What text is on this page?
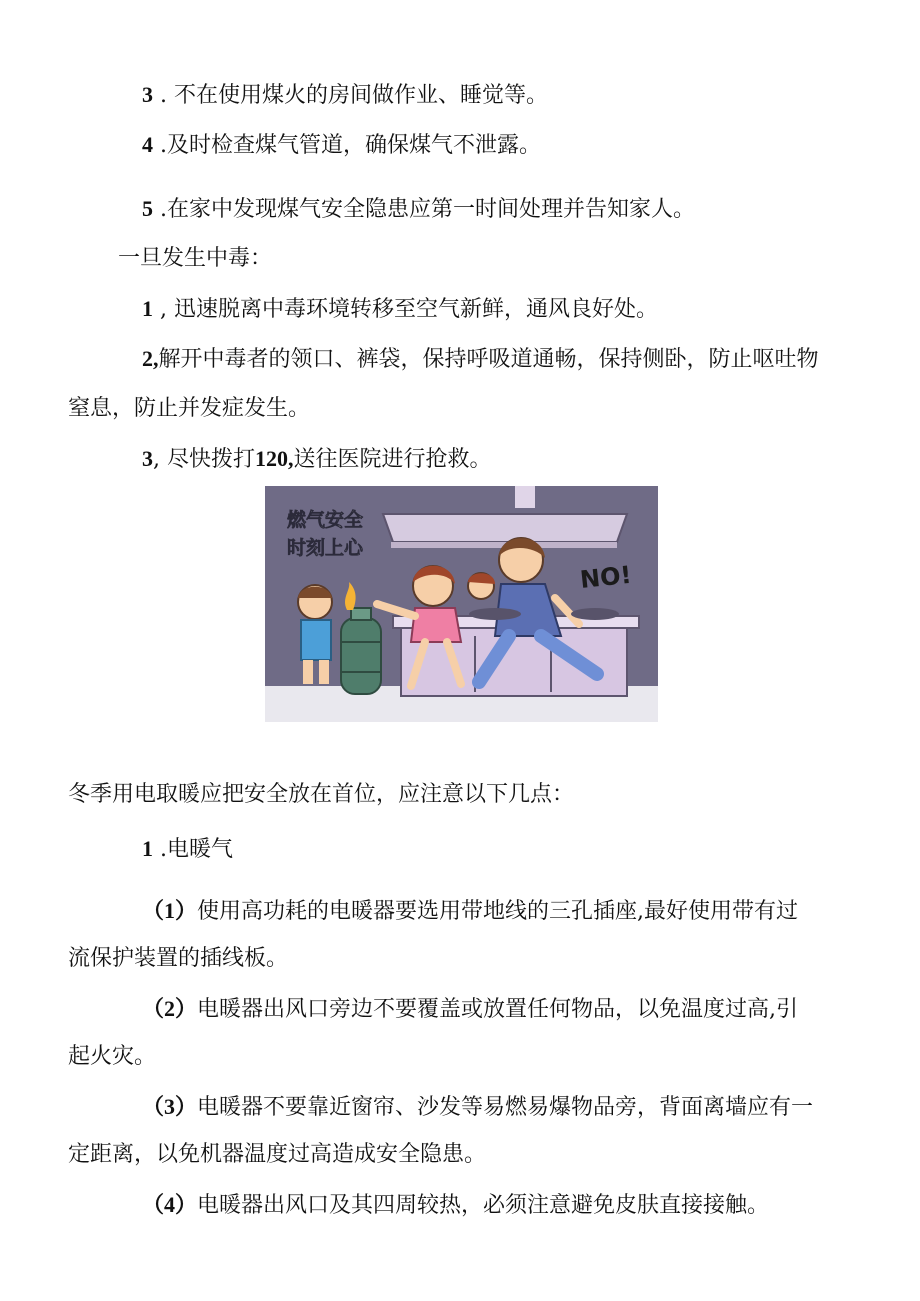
3 . 不在使用煤火的房间做作业、睡觉等。
4 .及时检查煤气管道，确保煤气不泄露。
5 .在家中发现煤气安全隐患应第一时间处理并告知家人。
一旦发生中毒：
1 , 迅速脱离中毒环境转移至空气新鲜，通风良好处。
2,解开中毒者的领口、裤袋，保持呼吸道通畅，保持侧卧，防止呕吐物
窒息，防止并发症发生。
3, 尽快拨打120,送往医院进行抢救。
燃气安全
时刻上心
NO!
冬季用电取暖应把安全放在首位，应注意以下几点：
1 .电暖气
（1）使用高功耗的电暖器要选用带地线的三孔插座,最好使用带有过
流保护装置的插线板。
（2）电暖器出风口旁边不要覆盖或放置任何物品，以免温度过高,引
起火灾。
（3）电暖器不要靠近窗帘、沙发等易燃易爆物品旁，背面离墙应有一
定距离，以免机器温度过高造成安全隐患。
（4）电暖器出风口及其四周较热，必须注意避免皮肤直接接触。
